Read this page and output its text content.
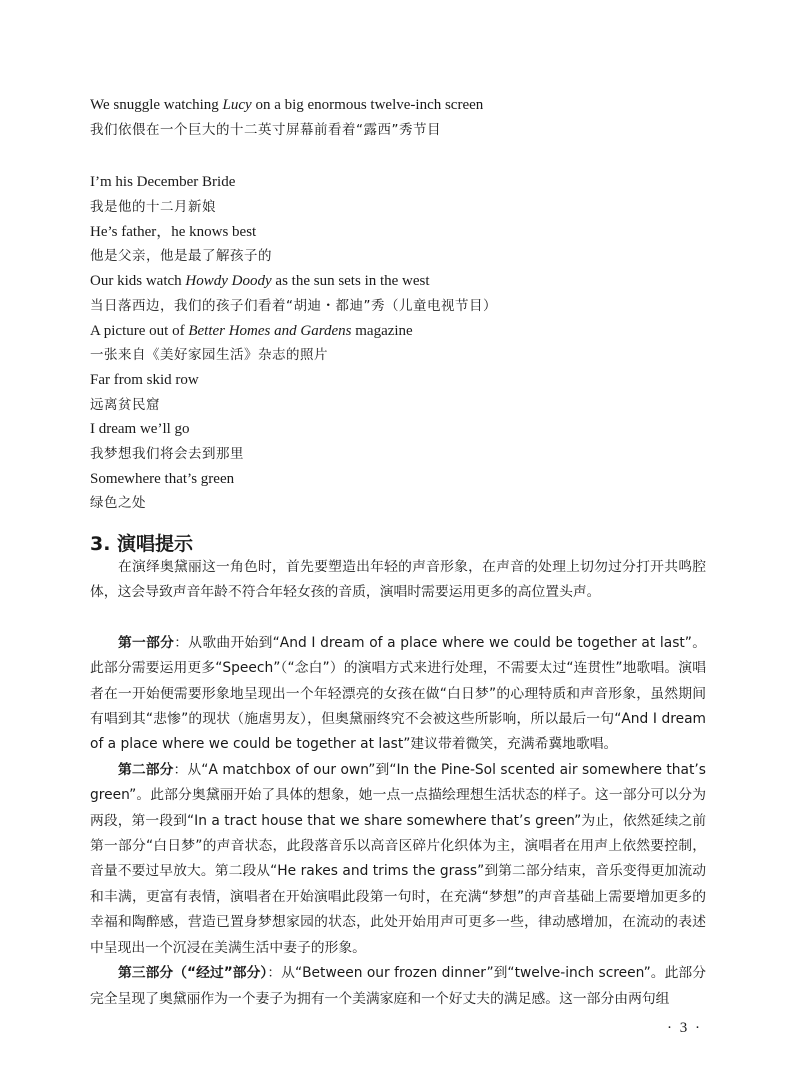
We snuggle watching Lucy on a big enormous twelve-inch screen
我们依偎在一个巨大的十二英寸屏幕前看着“露西”秀节目
I’m his December Bride
我是他的十二月新娘
He’s father，he knows best
他是父亲，他是最了解孩子的
Our kids watch Howdy Doody as the sun sets in the west
当日落西边，我们的孩子们看着“胡迪・都迪”秀（儿童电视节目）
A picture out of Better Homes and Gardens magazine
一张来自《美好家园生活》杂志的照片
Far from skid row
远离贫民窟
I dream we’ll go
我梦想我们将会去到那里
Somewhere that’s green
绿色之处
3. 演唱提示

在演绎奥黛丽这一角色时，首先要塑造出年轻的声音形象，在声音的处理上切勿过分打开共鸣腔体，这会导致声音年龄不符合年轻女孩的音质，演唱时需要运用更多的高位置头声。

第一部分：从歌曲开始到“And I dream of a place where we could be together at last”。此部分需要运用更多“Speech”（“念白”）的演唱方式来进行处理，不需要太过“连贯性”地歌唱。演唱者在一开始便需要形象地呈现出一个年轻漂亮的女孩在做“白日梦”的心理特质和声音形象，虽然期间有唱到其“悲惨”的现状（施虐男友），但奥黛丽终究不会被这些所影响，所以最后一句“And I dream of a place where we could be together at last”建议带着微笑，充满希冀地歌唱。

第二部分：从“A matchbox of our own”到“In the Pine-Sol scented air somewhere that’s green”。此部分奥黛丽开始了具体的想象，她一点一点描绘理想生活状态的样子。这一部分可以分为两段，第一段到“In a tract house that we share somewhere that’s green”为止，依然延续之前第一部分“白日梦”的声音状态，此段落音乐以高音区碎片化织体为主，演唱者在用声上依然要控制，音量不要过早放大。第二段从“He rakes and trims the grass”到第二部分结束，音乐变得更加流动和丰满，更富有表情，演唱者在开始演唱此段第一句时，在充满“梦想”的声音基础上需要增加更多的幸福和陶醉感，营造已置身梦想家园的状态，此处开始用声可更多一些，律动感增加，在流动的表述中呈现出一个沉浸在美满生活中妻子的形象。

第三部分（“经过”部分）：从“Between our frozen dinner”到“twelve-inch screen”。此部分完全呈现了奥黛丽作为一个妻子为拥有一个美满家庭和一个好丈夫的满足感。这一部分由两句组

· 3 ·
